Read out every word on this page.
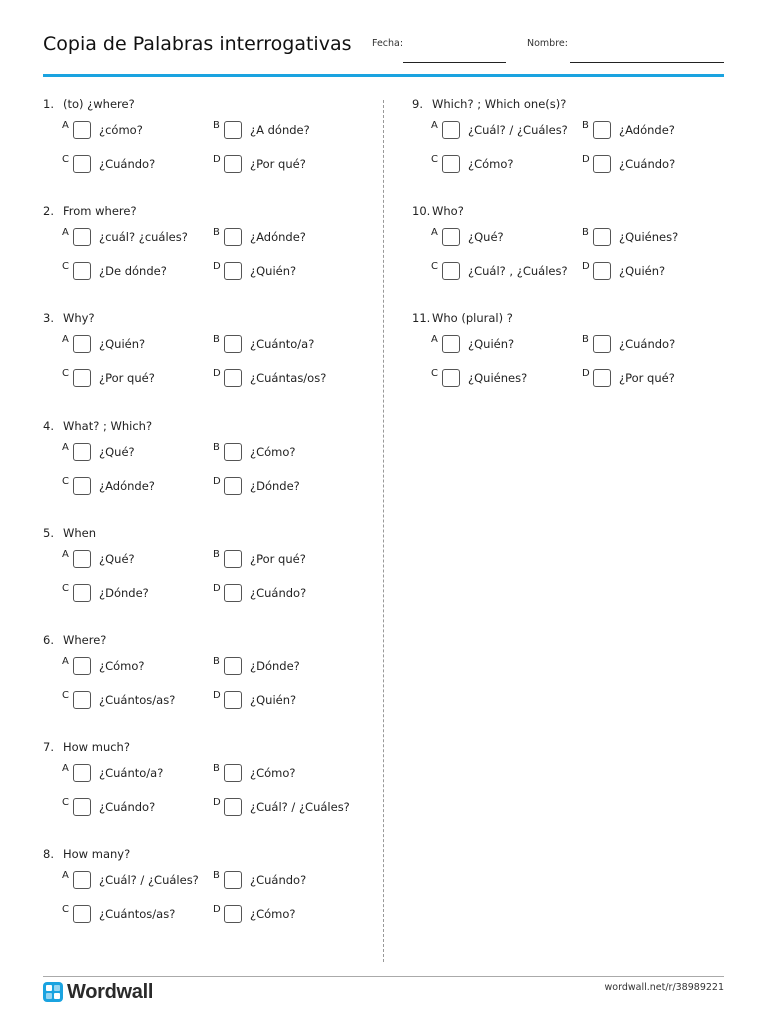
Copia de Palabras interrogativas Fecha:	Nombre:
1. (to) ¿where?
A	¿cómo?	B	¿A dónde?
C	¿Cuándo?	D	¿Por qué?
2. From where?
A	¿cuál? ¿cuáles?	B	¿Adónde?
C	¿De dónde?	D	¿Quién?
3. Why?
A	¿Quién?	B	¿Cuánto/a?
C	¿Por qué?	D	¿Cuántas/os?
4. What? ; Which?
A	¿Qué?	B	¿Cómo?
C	¿Adónde?	D	¿Dónde?
5. When
A	¿Qué?	B	¿Por qué?
C	¿Dónde?	D	¿Cuándo?
6. Where?
A	¿Cómo?	B	¿Dónde?
C	¿Cuántos/as?	D	¿Quién?
7. How much?
A	¿Cuánto/a?	B	¿Cómo?
C	¿Cuándo?	D	¿Cuál? / ¿Cuáles?
8. How many?
A	¿Cuál? / ¿Cuáles? B	¿Cuándo?
C	¿Cuántos/as?	D	¿Cómo?
9. Which? ; Which one(s)?
A	¿Cuál? / ¿Cuáles? B	¿Adónde?
C	¿Cómo?	D	¿Cuándo?
10. Who?
A	¿Qué?	B	¿Quiénes?
C	¿Cuál? , ¿Cuáles? D	¿Quién?
11. Who (plural) ?
A	¿Quién?	B	¿Cuándo?
C	¿Quiénes?	D	¿Por qué?
Wordwall	wordwall.net/r/38989221
